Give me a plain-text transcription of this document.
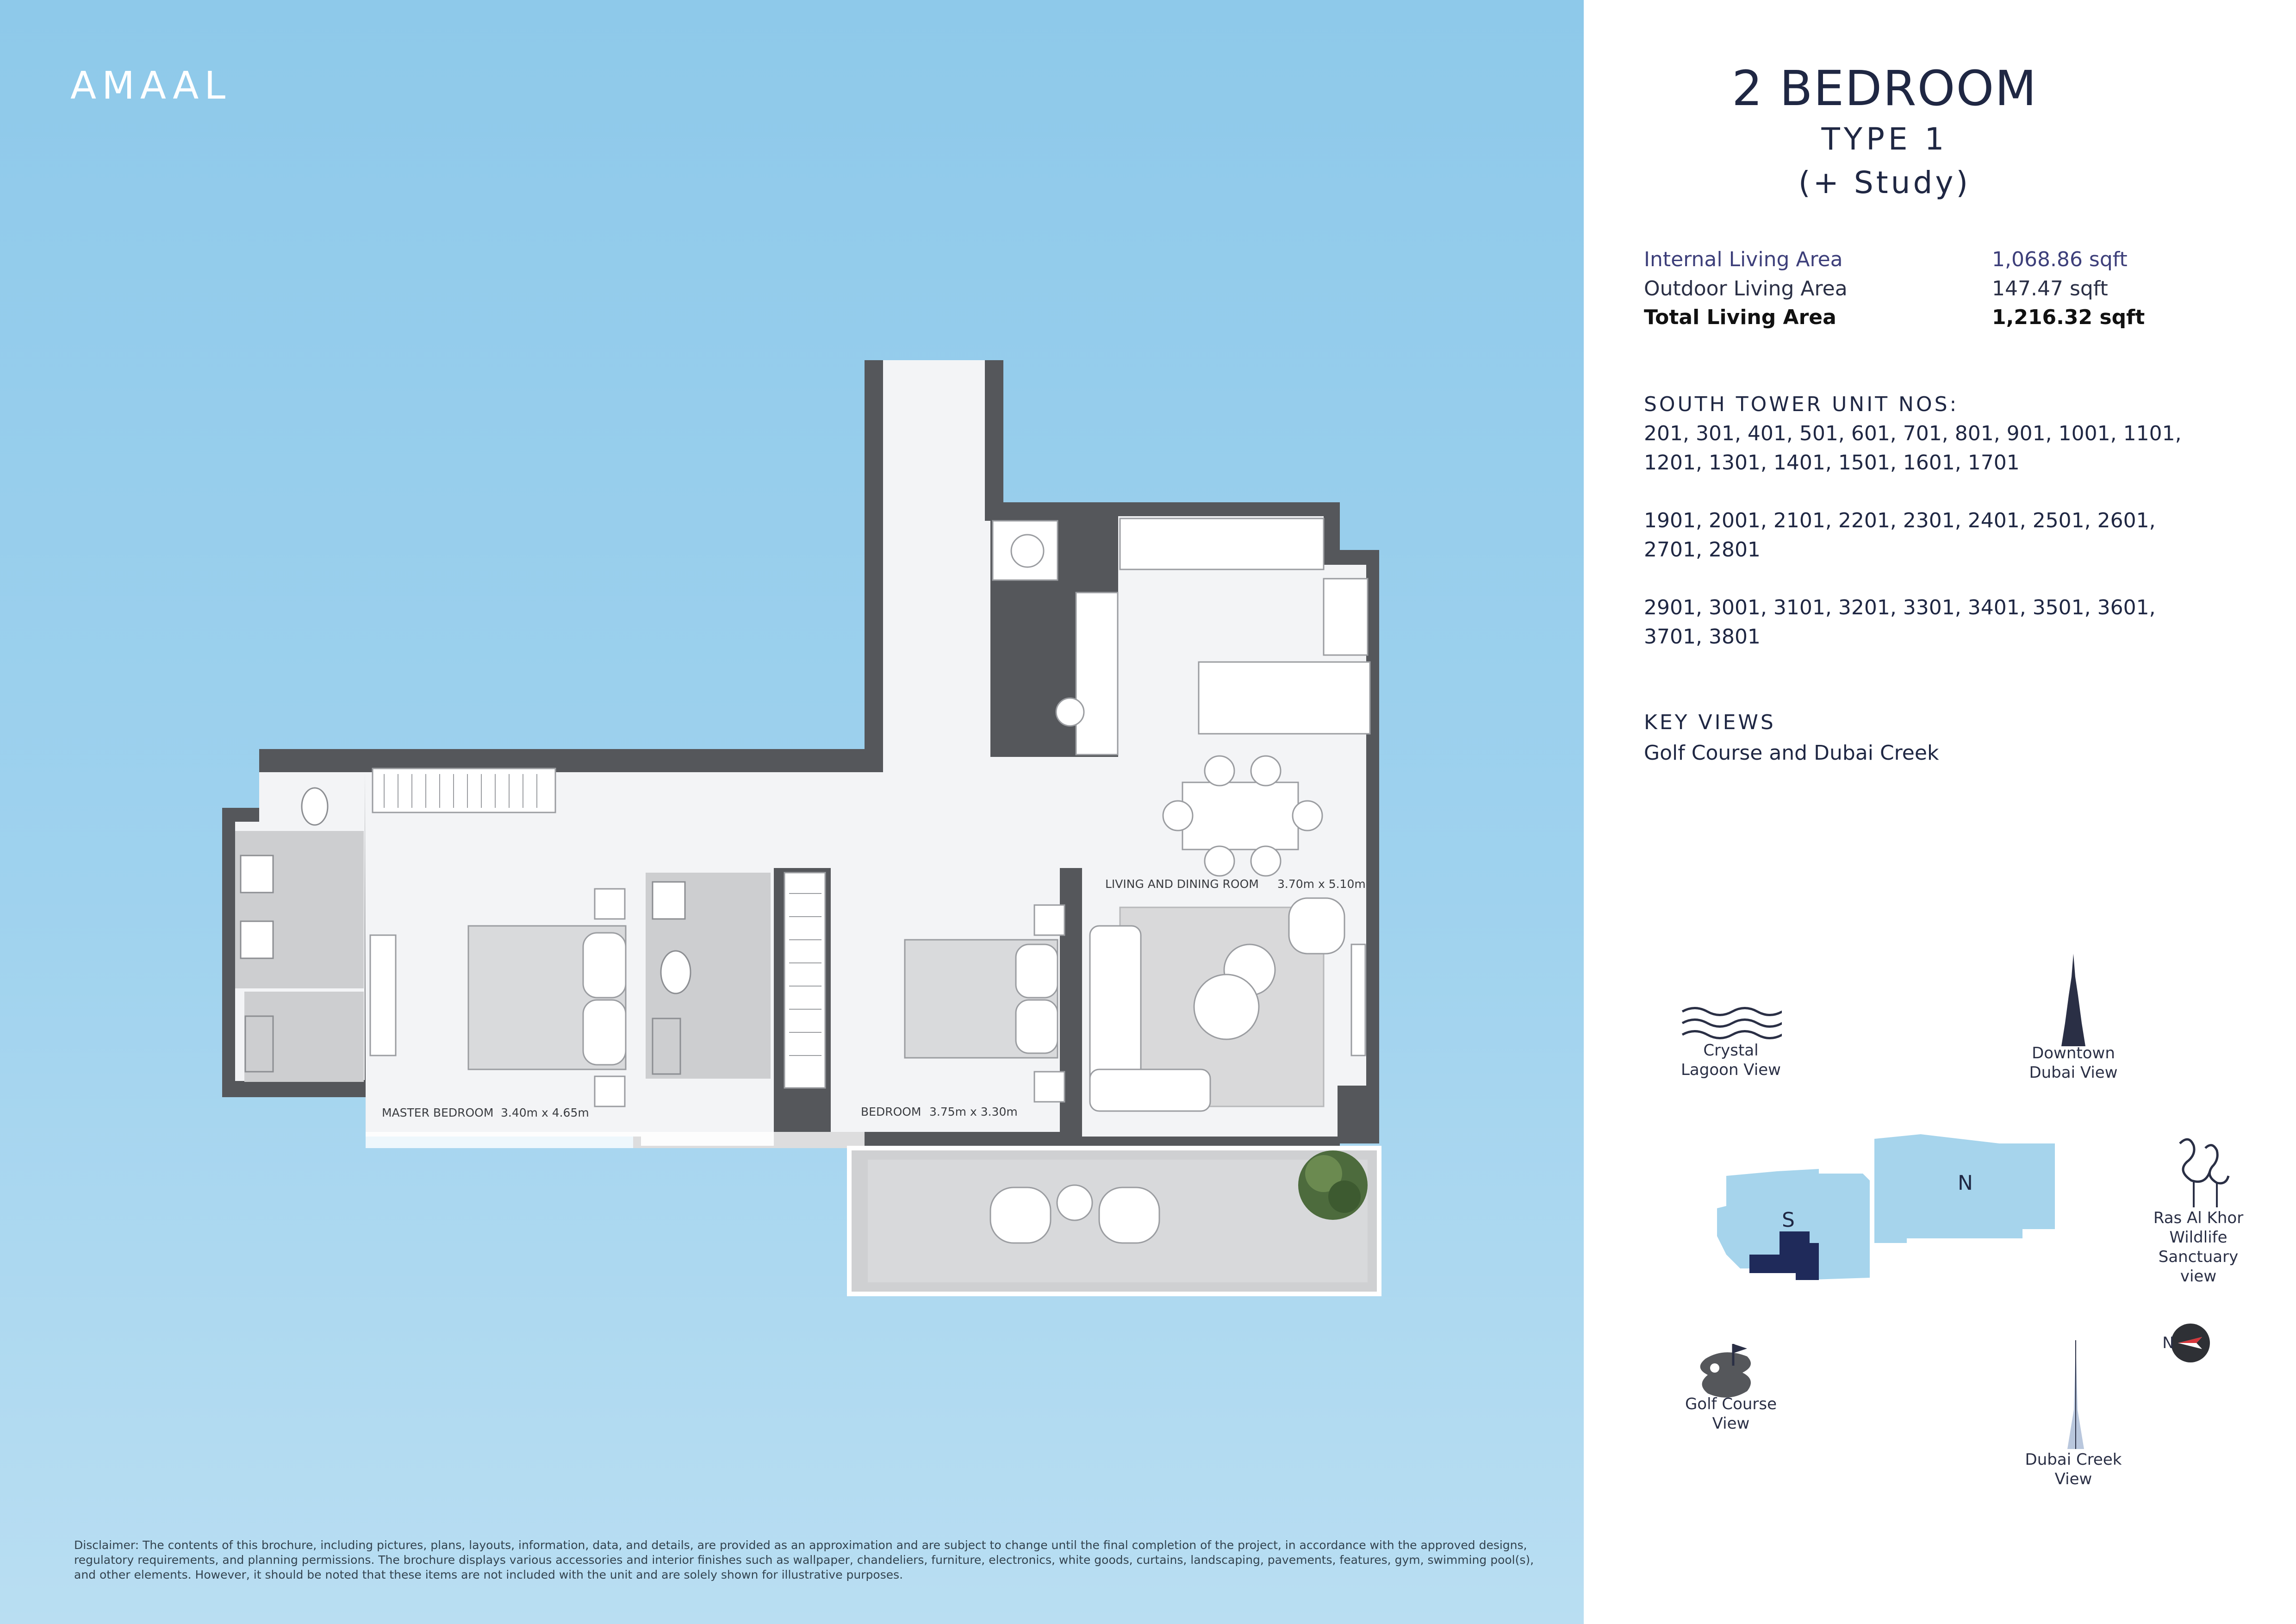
AMAAL
LIVING AND DINING ROOM 3.70m x 5.10m
MASTER BEDROOM 3.40m x 4.65m	BEDROOM 3.75m x 3.30m
Disclaimer: The contents of this brochure, including pictures, plans, layouts, information, data, and details, are provided as an approximation and are subject to change until the final completion of the project, in accordance with the approved designs, regulatory requirements, and planning permissions. The brochure displays various accessories and interior finishes such as wallpaper, chandeliers, furniture, electronics, white goods, curtains, landscaping, pavements, features, gym, swimming pool(s), and other elements. However, it should be noted that these items are not included with the unit and are solely shown for illustrative purposes.
2 BEDROOM
TYPE 1
(+ Study)
Internal Living Area	1,068.86 sqft
Outdoor Living Area	147.47 sqft
Total Living Area	1,216.32 sqft
SOUTH TOWER UNIT NOS:
201, 301, 401, 501, 601, 701, 801, 901, 1001, 1101,
1201, 1301, 1401, 1501, 1601, 1701
1901, 2001, 2101, 2201, 2301, 2401, 2501, 2601,
2701, 2801
2901, 3001, 3101, 3201, 3301, 3401, 3501, 3601,
3701, 3801
KEY VIEWS
Golf Course and Dubai Creek
Crystal
Lagoon View
Downtown
Dubai View
Ras Al Khor
Wildlife
Sanctuary
view
S
N
N
Golf Course
View
Dubai Creek
View
